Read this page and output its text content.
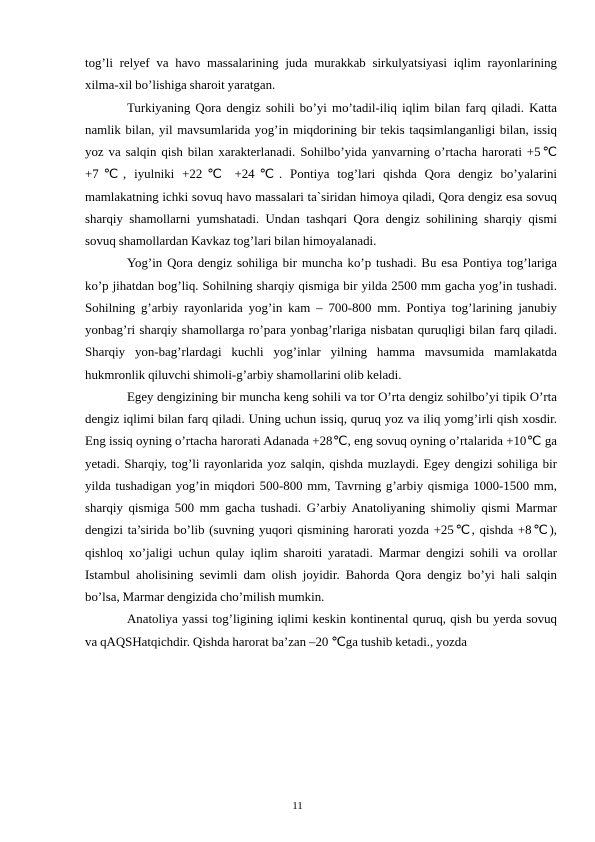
tog’li relyef va havo massalarining juda murakkab sirkulyatsiyasi iqlim rayonlarining xilma-xil bo’lishiga sharoit yaratgan.

Turkiyaning Qora dengiz sohili bo’yi mo’tadil-iliq iqlim bilan farq qiladi. Katta namlik bilan, yil mavsumlarida yog’in miqdorining bir tekis taqsimlanganligi bilan, issiq yoz va salqin qish bilan xarakterlanadi. Sohilbo’yida yanvarning o’rtacha harorati +5℃ +7℃, iyulniki +22℃ +24℃. Pontiya tog’lari qishda Qora dengiz bo’yalarini mamlakatning ichki sovuq havo massalari ta`siridan himoya qiladi, Qora dengiz esa sovuq sharqiy shamollarni yumshatadi. Undan tashqari Qora dengiz sohilining sharqiy qismi sovuq shamollardan Kavkaz tog’lari bilan himoyalanadi.

Yog’in Qora dengiz sohiliga bir muncha ko’p tushadi. Bu esa Pontiya tog’lariga ko’p jihatdan bog’liq. Sohilning sharqiy qismiga bir yilda 2500 mm gacha yog’in tushadi. Sohilning g’arbiy rayonlarida yog’in kam – 700-800 mm. Pontiya tog’larining janubiy yonbag’ri sharqiy shamollarga ro’para yonbag’rlariga nisbatan quruqligi bilan farq qiladi. Sharqiy yon-bag’rlardagi kuchli yog’inlar yilning hamma mavsumida mamlakatda hukmronlik qiluvchi shimoli-g’arbiy shamollarini olib keladi.

Egey dengizining bir muncha keng sohili va tor O’rta dengiz sohilbo’yi tipik O’rta dengiz iqlimi bilan farq qiladi. Uning uchun issiq, quruq yoz va iliq yomg’irli qish xosdir. Eng issiq oyning o’rtacha harorati Adanada +28℃, eng sovuq oyning o’rtalarida +10℃ ga yetadi. Sharqiy, tog’li rayonlarida yoz salqin, qishda muzlaydi. Egey dengizi sohiliga bir yilda tushadigan yog’in miqdori 500-800 mm, Tavrning g’arbiy qismiga 1000-1500 mm, sharqiy qismiga 500 mm gacha tushadi. G’arbiy Anatoliyaning shimoliy qismi Marmar dengizi ta’sirida bo’lib (suvning yuqori qismining harorati yozda +25℃, qishda +8℃), qishloq xo’jaligi uchun qulay iqlim sharoiti yaratadi. Marmar dengizi sohili va orollar Istambul aholisining sevimli dam olish joyidir. Bahorda Qora dengiz bo’yi hali salqin bo’lsa, Marmar dengizida cho’milish mumkin.

Anatoliya yassi tog’ligining iqlimi keskin kontinental quruq, qish bu yerda sovuq va qAQSHatqichdir. Qishda harorat ba’zan –20 ℃ga tushib ketadi., yozda

11
